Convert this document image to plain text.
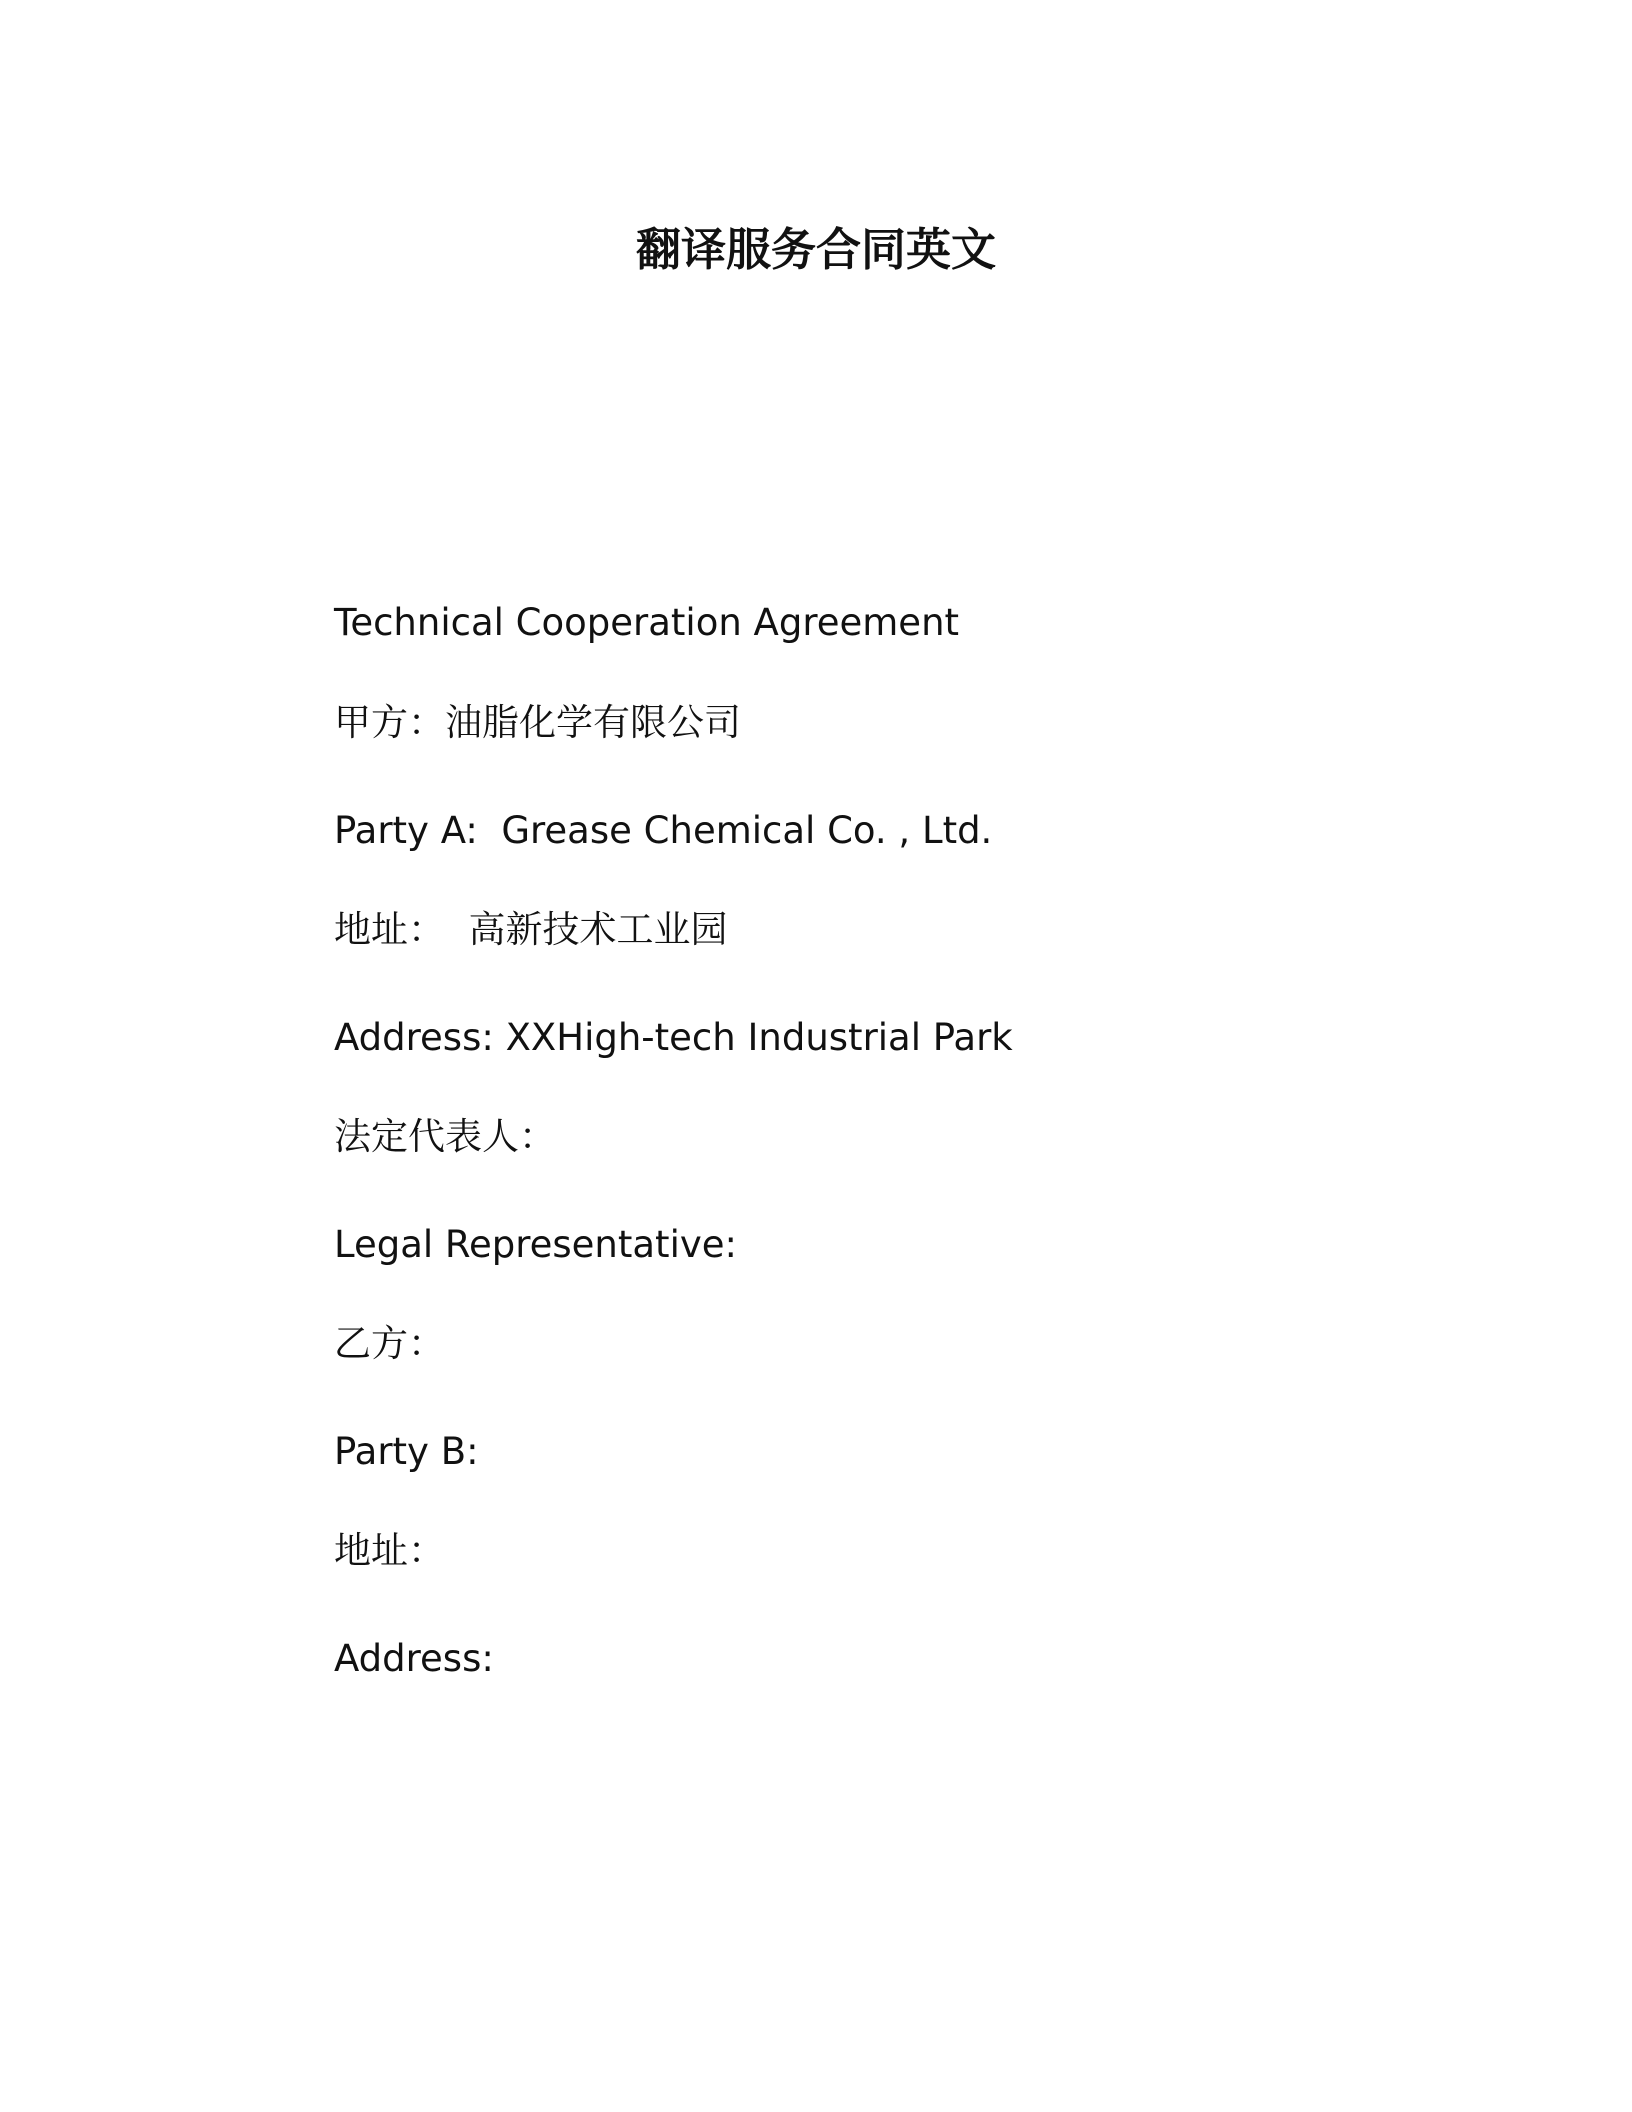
翻译服务合同英文

Technical Cooperation Agreement

甲方：油脂化学有限公司

Party A:  Grease Chemical Co. , Ltd.

地址：  高新技术工业园

Address: XXHigh-tech Industrial Park

法定代表人：

Legal Representative:

乙方：

Party B:

地址：

Address:
